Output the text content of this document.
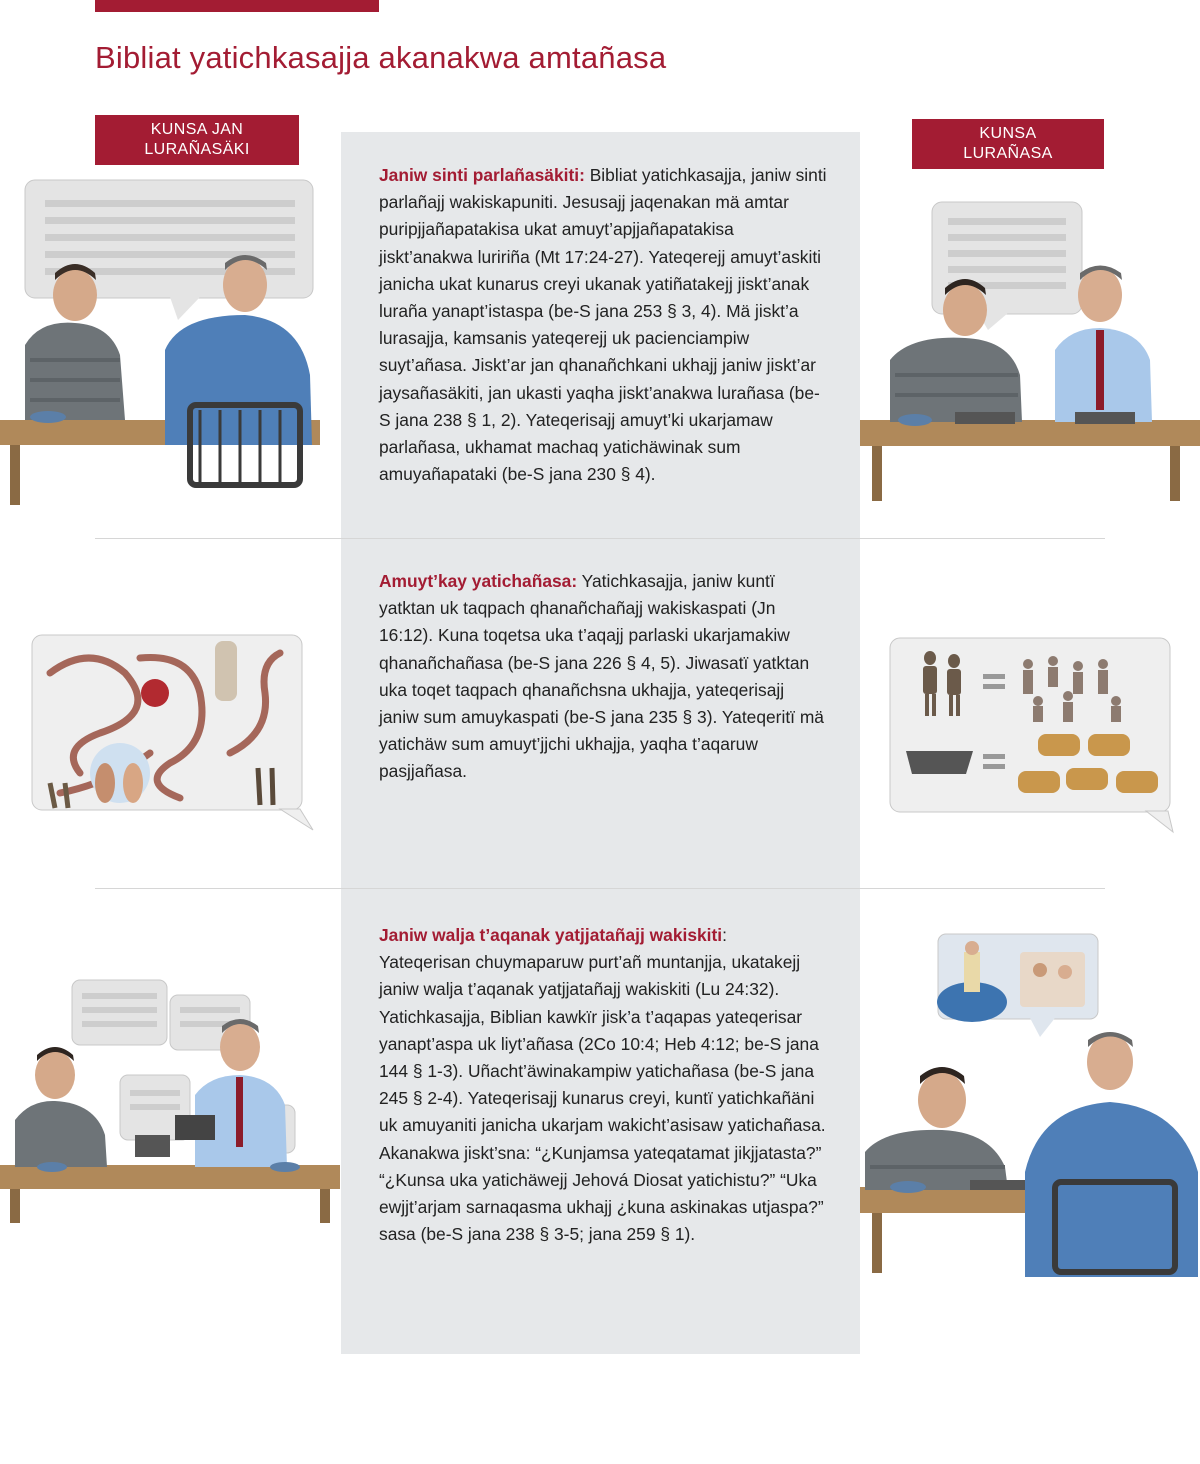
Bibliat yatichkasajja akanakwa amtañasa
KUNSA JAN
LURAÑASÄKI
KUNSA
LURAÑASA

Janiw sinti parlañasäkiti: Bibliat yatichkasajja, janiw sinti parlañajj wakiskapuniti. Jesusajj jaqenakan mä amtar puripjjañapatakisa ukat amuyt’apjjañapatakisa jiskt’anakwa luririña (Mt 17:24-27). Yateqerejj amuyt’askiti janicha ukat kunarus creyi ukanak yatiñatakejj jiskt’anak luraña yanapt’istaspa (be-S jana 253 § 3, 4). Mä jiskt’a lurasajja, kamsanis yateqerejj uk pacienciampiw suyt’añasa. Jiskt’ar jan qhanañchkani ukhajj janiw jiskt’ar jaysañasäkiti, jan ukasti yaqha jiskt’anakwa lurañasa (be-S jana 238 § 1, 2). Yateqerisajj amuyt’ki ukarjamaw parlañasa, ukhamat machaq yatichäwinak sum amuyañapataki (be-S jana 230 § 4).

Amuyt’kay yatichañasa: Yatichkasajja, janiw kuntï yatktan uk taqpach qhanañchañajj wakiskaspati (Jn 16:12). Kuna toqetsa uka t’aqajj parlaski ukarjamakiw qhanañchañasa (be-S jana 226 § 4, 5). Jiwasatï yatktan uka toqet taqpach qhanañchsna ukhajja, yateqerisajj janiw sum amuykaspati (be-S jana 235 § 3). Yateqeritï mä yatichäw sum amuyt’jjchi ukhajja, yaqha t’aqaruw pasjjañasa.

Janiw walja t’aqanak yatjjatañajj wakiskiti:
Yateqerisan chuymaparuw purt’añ muntanjja, ukatakejj janiw walja t’aqanak yatjjatañajj wakiskiti (Lu 24:32). Yatichkasajja, Biblian kawkïr jisk’a t’aqapas yateqerisar yanapt’aspa uk liyt’añasa (2Co 10:4; Heb 4:12; be-S jana 144 § 1-3). Uñacht’äwinakampiw yatichañasa (be-S jana 245 § 2-4). Yateqerisajj kunarus creyi, kuntï yatichkañäni uk amuyaniti janicha ukarjam wakicht’asisaw yatichañasa. Akanakwa jiskt’sna: “¿Kunjamsa yateqatamat jikjjatasta?” “¿Kunsa uka yatichäwejj Jehová Diosat yatichistu?” “Uka ewjjt’arjam sarnaqasma ukhajj ¿kuna askinakas utjaspa?” sasa (be-S jana 238 § 3-5; jana 259 § 1).
